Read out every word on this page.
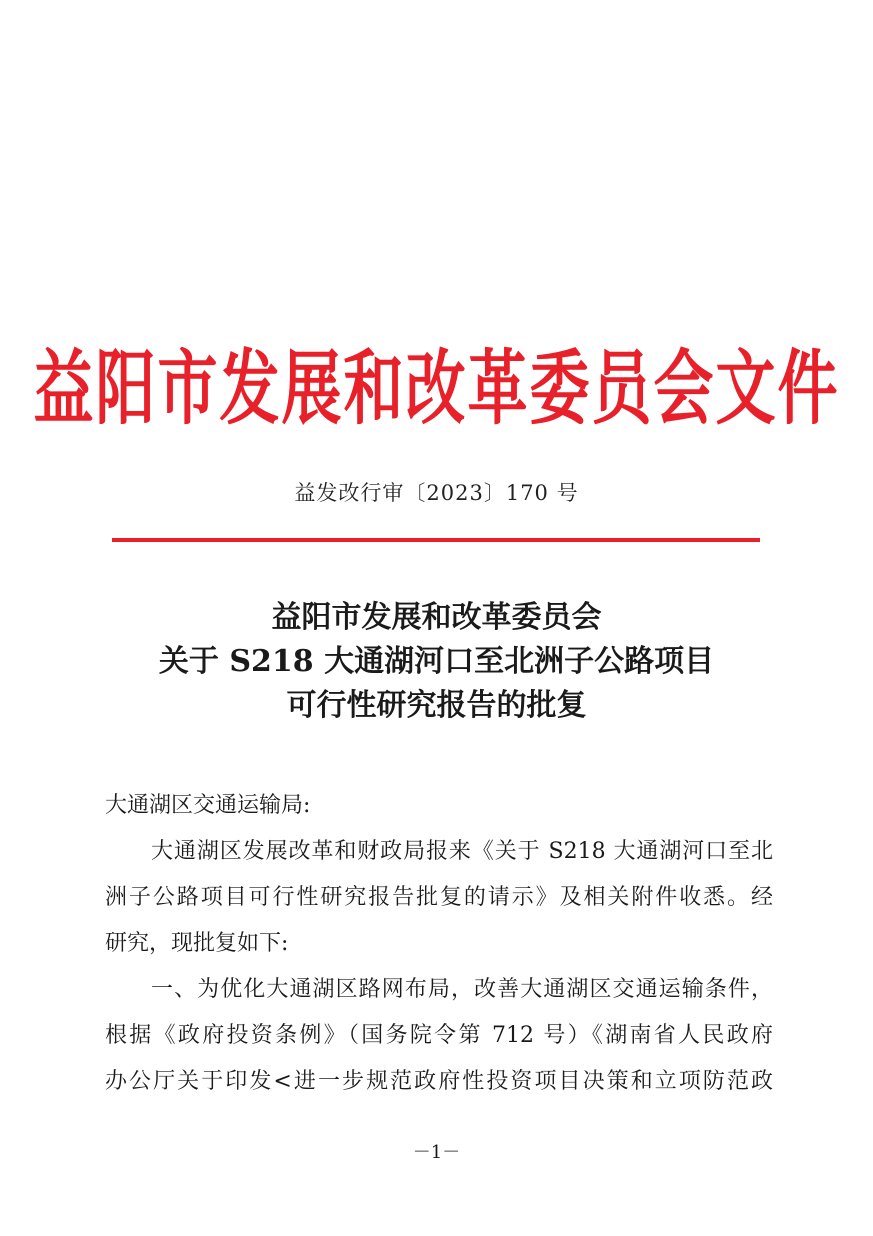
益阳市发展和改革委员会文件
益发改行审〔2023〕170 号
益阳市发展和改革委员会
关于 S218 大通湖河口至北洲子公路项目
可行性研究报告的批复
大通湖区交通运输局:
大通湖区发展改革和财政局报来《关于 S218 大通湖河口至北
洲子公路项目可行性研究报告批复的请示》及相关附件收悉。经
研究，现批复如下:
一、为优化大通湖区路网布局，改善大通湖区交通运输条件，
根据《政府投资条例》（国务院令第 712 号）《湖南省人民政府
办公厅关于印发<进一步规范政府性投资项目决策和立项防范政
－1－
